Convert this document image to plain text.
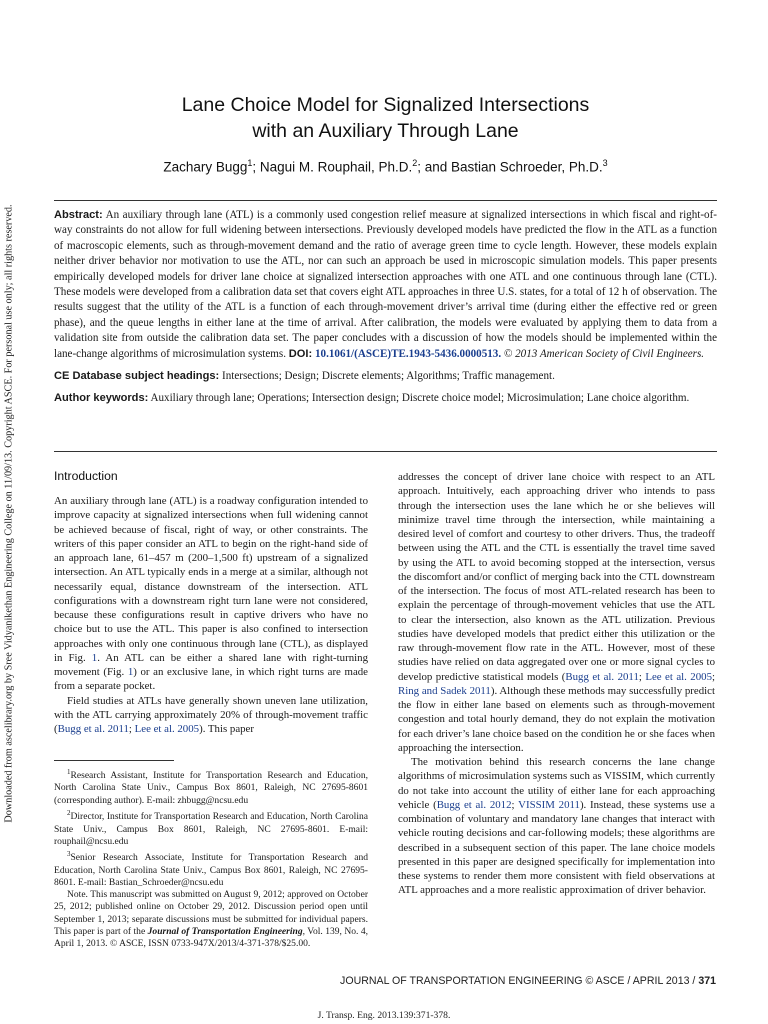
Downloaded from ascelibrary.org by Sree Vidyanikethan Engineering College on 11/09/13. Copyright ASCE. For personal use only; all rights reserved.
Lane Choice Model for Signalized Intersections
with an Auxiliary Through Lane
Zachary Bugg$^1$; Nagui M. Rouphail, Ph.D.$^2$; and Bastian Schroeder, Ph.D.$^3$
Abstract: An auxiliary through lane (ATL) is a commonly used congestion relief measure at signalized intersections in which fiscal and right-of-way constraints do not allow for full widening between intersections. Previously developed models have predicted the flow in the ATL as a function of macroscopic elements, such as through-movement demand and the ratio of average green time to cycle length. However, these models explain neither driver behavior nor motivation to use the ATL, nor can such an approach be used in microscopic simulation models. This paper presents empirically developed models for driver lane choice at signalized intersection approaches with one ATL and one continuous through lane (CTL). These models were developed from a calibration data set that covers eight ATL approaches in three U.S. states, for a total of 12 h of observation. The results suggest that the utility of the ATL is a function of each through-movement driver’s arrival time (during either the effective red or green phase), and the queue lengths in either lane at the time of arrival. After calibration, the models were evaluated by applying them to data from a validation site from outside the calibration data set. The paper concludes with a discussion of how the models should be implemented within the lane-change algorithms of microsimulation systems. DOI: 10.1061/(ASCE)TE.1943-5436.0000513. © 2013 American Society of Civil Engineers.
CE Database subject headings: Intersections; Design; Discrete elements; Algorithms; Traffic management.
Author keywords: Auxiliary through lane; Operations; Intersection design; Discrete choice model; Microsimulation; Lane choice algorithm.
Introduction

An auxiliary through lane (ATL) is a roadway configuration intended to improve capacity at signalized intersections when full widening cannot be achieved because of fiscal, right of way, or other constraints. The writers of this paper consider an ATL to begin on the right-hand side of an approach lane, 61–457 m (200–1,500 ft) upstream of a signalized intersection. An ATL typically ends in a merge at a similar, although not necessarily equal, distance downstream of the intersection. ATL configurations with a downstream right turn lane were not considered, because these configurations result in captive drivers who have no choice but to use the ATL. This paper is also confined to intersection approaches with only one continuous through lane (CTL), as displayed in Fig. 1. An ATL can be either a shared lane with right-turning movement (Fig. 1) or an exclusive lane, in which right turns are made from a separate pocket.

Field studies at ATLs have generally shown uneven lane utilization, with the ATL carrying approximately 20% of through-movement traffic (Bugg et al. 2011; Lee et al. 2005). This paper

$^1$Research Assistant, Institute for Transportation Research and Education, North Carolina State Univ., Campus Box 8601, Raleigh, NC 27695-8601 (corresponding author). E-mail: zhbugg@ncsu.edu

$^2$Director, Institute for Transportation Research and Education, North Carolina State Univ., Campus Box 8601, Raleigh, NC 27695-8601. E-mail: rouphail@ncsu.edu

$^3$Senior Research Associate, Institute for Transportation Research and Education, North Carolina State Univ., Campus Box 8601, Raleigh, NC 27695-8601. E-mail: Bastian_Schroeder@ncsu.edu

Note. This manuscript was submitted on August 9, 2012; approved on October 25, 2012; published online on October 29, 2012. Discussion period open until September 1, 2013; separate discussions must be submitted for individual papers. This paper is part of the Journal of Transportation Engineering, Vol. 139, No. 4, April 1, 2013. © ASCE, ISSN 0733-947X/2013/4-371-378/$25.00.

addresses the concept of driver lane choice with respect to an ATL approach. Intuitively, each approaching driver who intends to pass through the intersection uses the lane which he or she believes will minimize travel time through the intersection, while maintaining a desired level of comfort and courtesy to other drivers. Thus, the tradeoff between using the ATL and the CTL is essentially the travel time saved by using the ATL to avoid becoming stopped at the intersection, versus the discomfort and/or conflict of merging back into the CTL downstream of the intersection. The focus of most ATL-related research has been to explain the percentage of through-movement vehicles that use the ATL to clear the intersection, also known as the ATL utilization. Previous studies have developed models that predict either this utilization or the raw through-movement flow rate in the ATL. However, most of these studies have relied on data aggregated over one or more signal cycles to develop predictive statistical models (Bugg et al. 2011; Lee et al. 2005; Ring and Sadek 2011). Although these methods may successfully predict the flow in either lane based on elements such as through-movement congestion and total hourly demand, they do not explain the motivation for each driver’s lane choice based on the condition he or she faces when approaching the intersection.

The motivation behind this research concerns the lane change algorithms of microsimulation systems such as VISSIM, which currently do not take into account the utility of either lane for each approaching vehicle (Bugg et al. 2012; VISSIM 2011). Instead, these systems use a combination of voluntary and mandatory lane changes that interact with vehicle routing decisions and car-following models; these algorithms are described in a subsequent section of this paper. The lane choice models presented in this paper are designed specifically for implementation into these systems to render them more consistent with field observations at ATL approaches and a more realistic approximation of driver behavior.

JOURNAL OF TRANSPORTATION ENGINEERING © ASCE / APRIL 2013 / 371
J. Transp. Eng. 2013.139:371-378.
